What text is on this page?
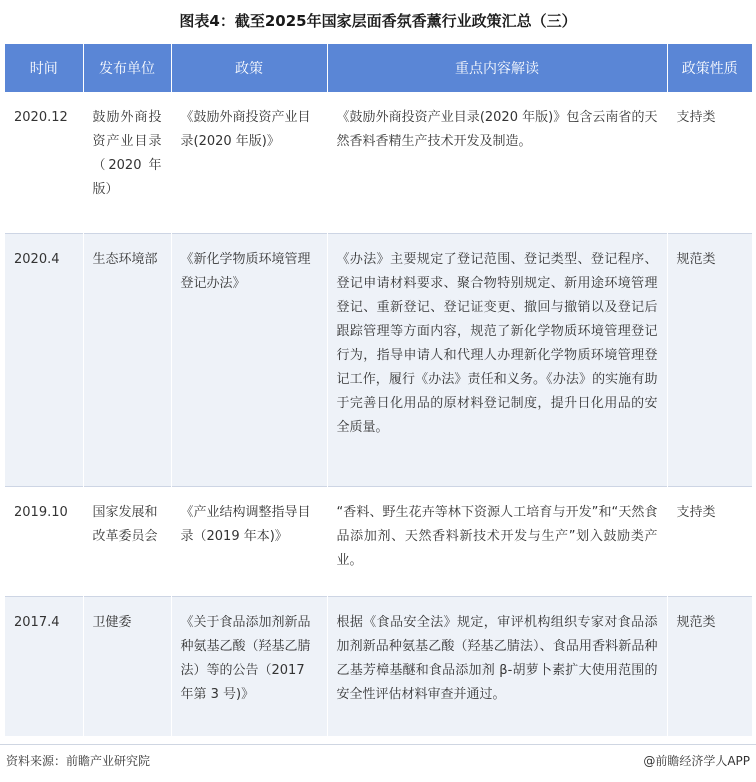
图表4：截至2025年国家层面香氛香薰行业政策汇总（三）
时间	发布单位	政策	重点内容解读	政策性质
2020.12	鼓励外商投资产业目录（2020 年版）	《鼓励外商投资产业目录(2020 年版)》	《鼓励外商投资产业目录(2020 年版)》包含云南省的天然香料香精生产技术开发及制造。	支持类
2020.4	生态环境部	《新化学物质环境管理登记办法》	《办法》主要规定了登记范围、登记类型、登记程序、登记申请材料要求、聚合物特别规定、新用途环境管理登记、重新登记、登记证变更、撤回与撤销以及登记后跟踪管理等方面内容，规范了新化学物质环境管理登记行为，指导申请人和代理人办理新化学物质环境管理登记工作，履行《办法》责任和义务。《办法》的实施有助于完善日化用品的原材料登记制度，提升日化用品的安全质量。	规范类
2019.10	国家发展和改革委员会	《产业结构调整指导目录（2019 年本)》	“香料、野生花卉等林下资源人工培育与开发”和“天然食品添加剂、天然香料新技术开发与生产”划入鼓励类产业。	支持类
2017.4	卫健委	《关于食品添加剂新品种氨基乙酸（羟基乙腈法）等的公告（2017 年第 3 号)》	根据《食品安全法》规定，审评机构组织专家对食品添加剂新品种氨基乙酸（羟基乙腈法）、食品用香料新品种乙基芳樟基醚和食品添加剂 β-胡萝卜素扩大使用范围的安全性评估材料审查并通过。	规范类
资料来源：前瞻产业研究院	@前瞻经济学人APP
